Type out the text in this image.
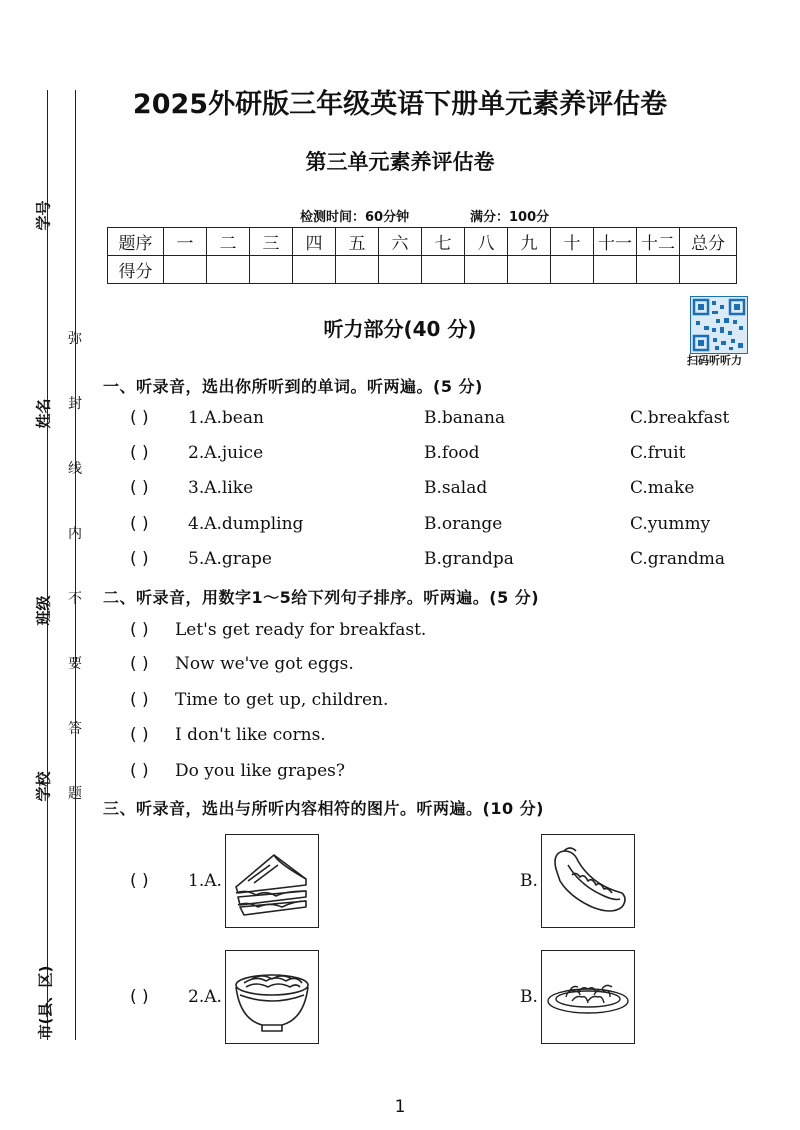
学号
姓名
班级
学校
市(县、区)
弥
封
线
内
不
要
答
题
2025外研版三年级英语下册单元素养评估卷
第三单元素养评估卷
检测时间：60分钟	满分：100分
题序	一	二	三	四	五	六	七	八	九	十	十一	十二	总分
得分													
听力部分(40 分)
扫码听听力
一、听录音，选出你所听到的单词。听两遍。(5 分)
( ) 1.A.bean	B.banana	C.breakfast
( ) 2.A.juice	B.food	C.fruit
( ) 3.A.like	B.salad	C.make
( ) 4.A.dumpling	B.orange	C.yummy
( ) 5.A.grape	B.grandpa	C.grandma
二、听录音，用数字1～5给下列句子排序。听两遍。(5 分)
( ) Let's get ready for breakfast.
( ) Now we've got eggs.
( ) Time to get up, children.
( ) I don't like corns.
( ) Do you like grapes?
三、听录音，选出与所听内容相符的图片。听两遍。(10 分)
( ) 1.A.	B.
( ) 2.A.	B.
1
